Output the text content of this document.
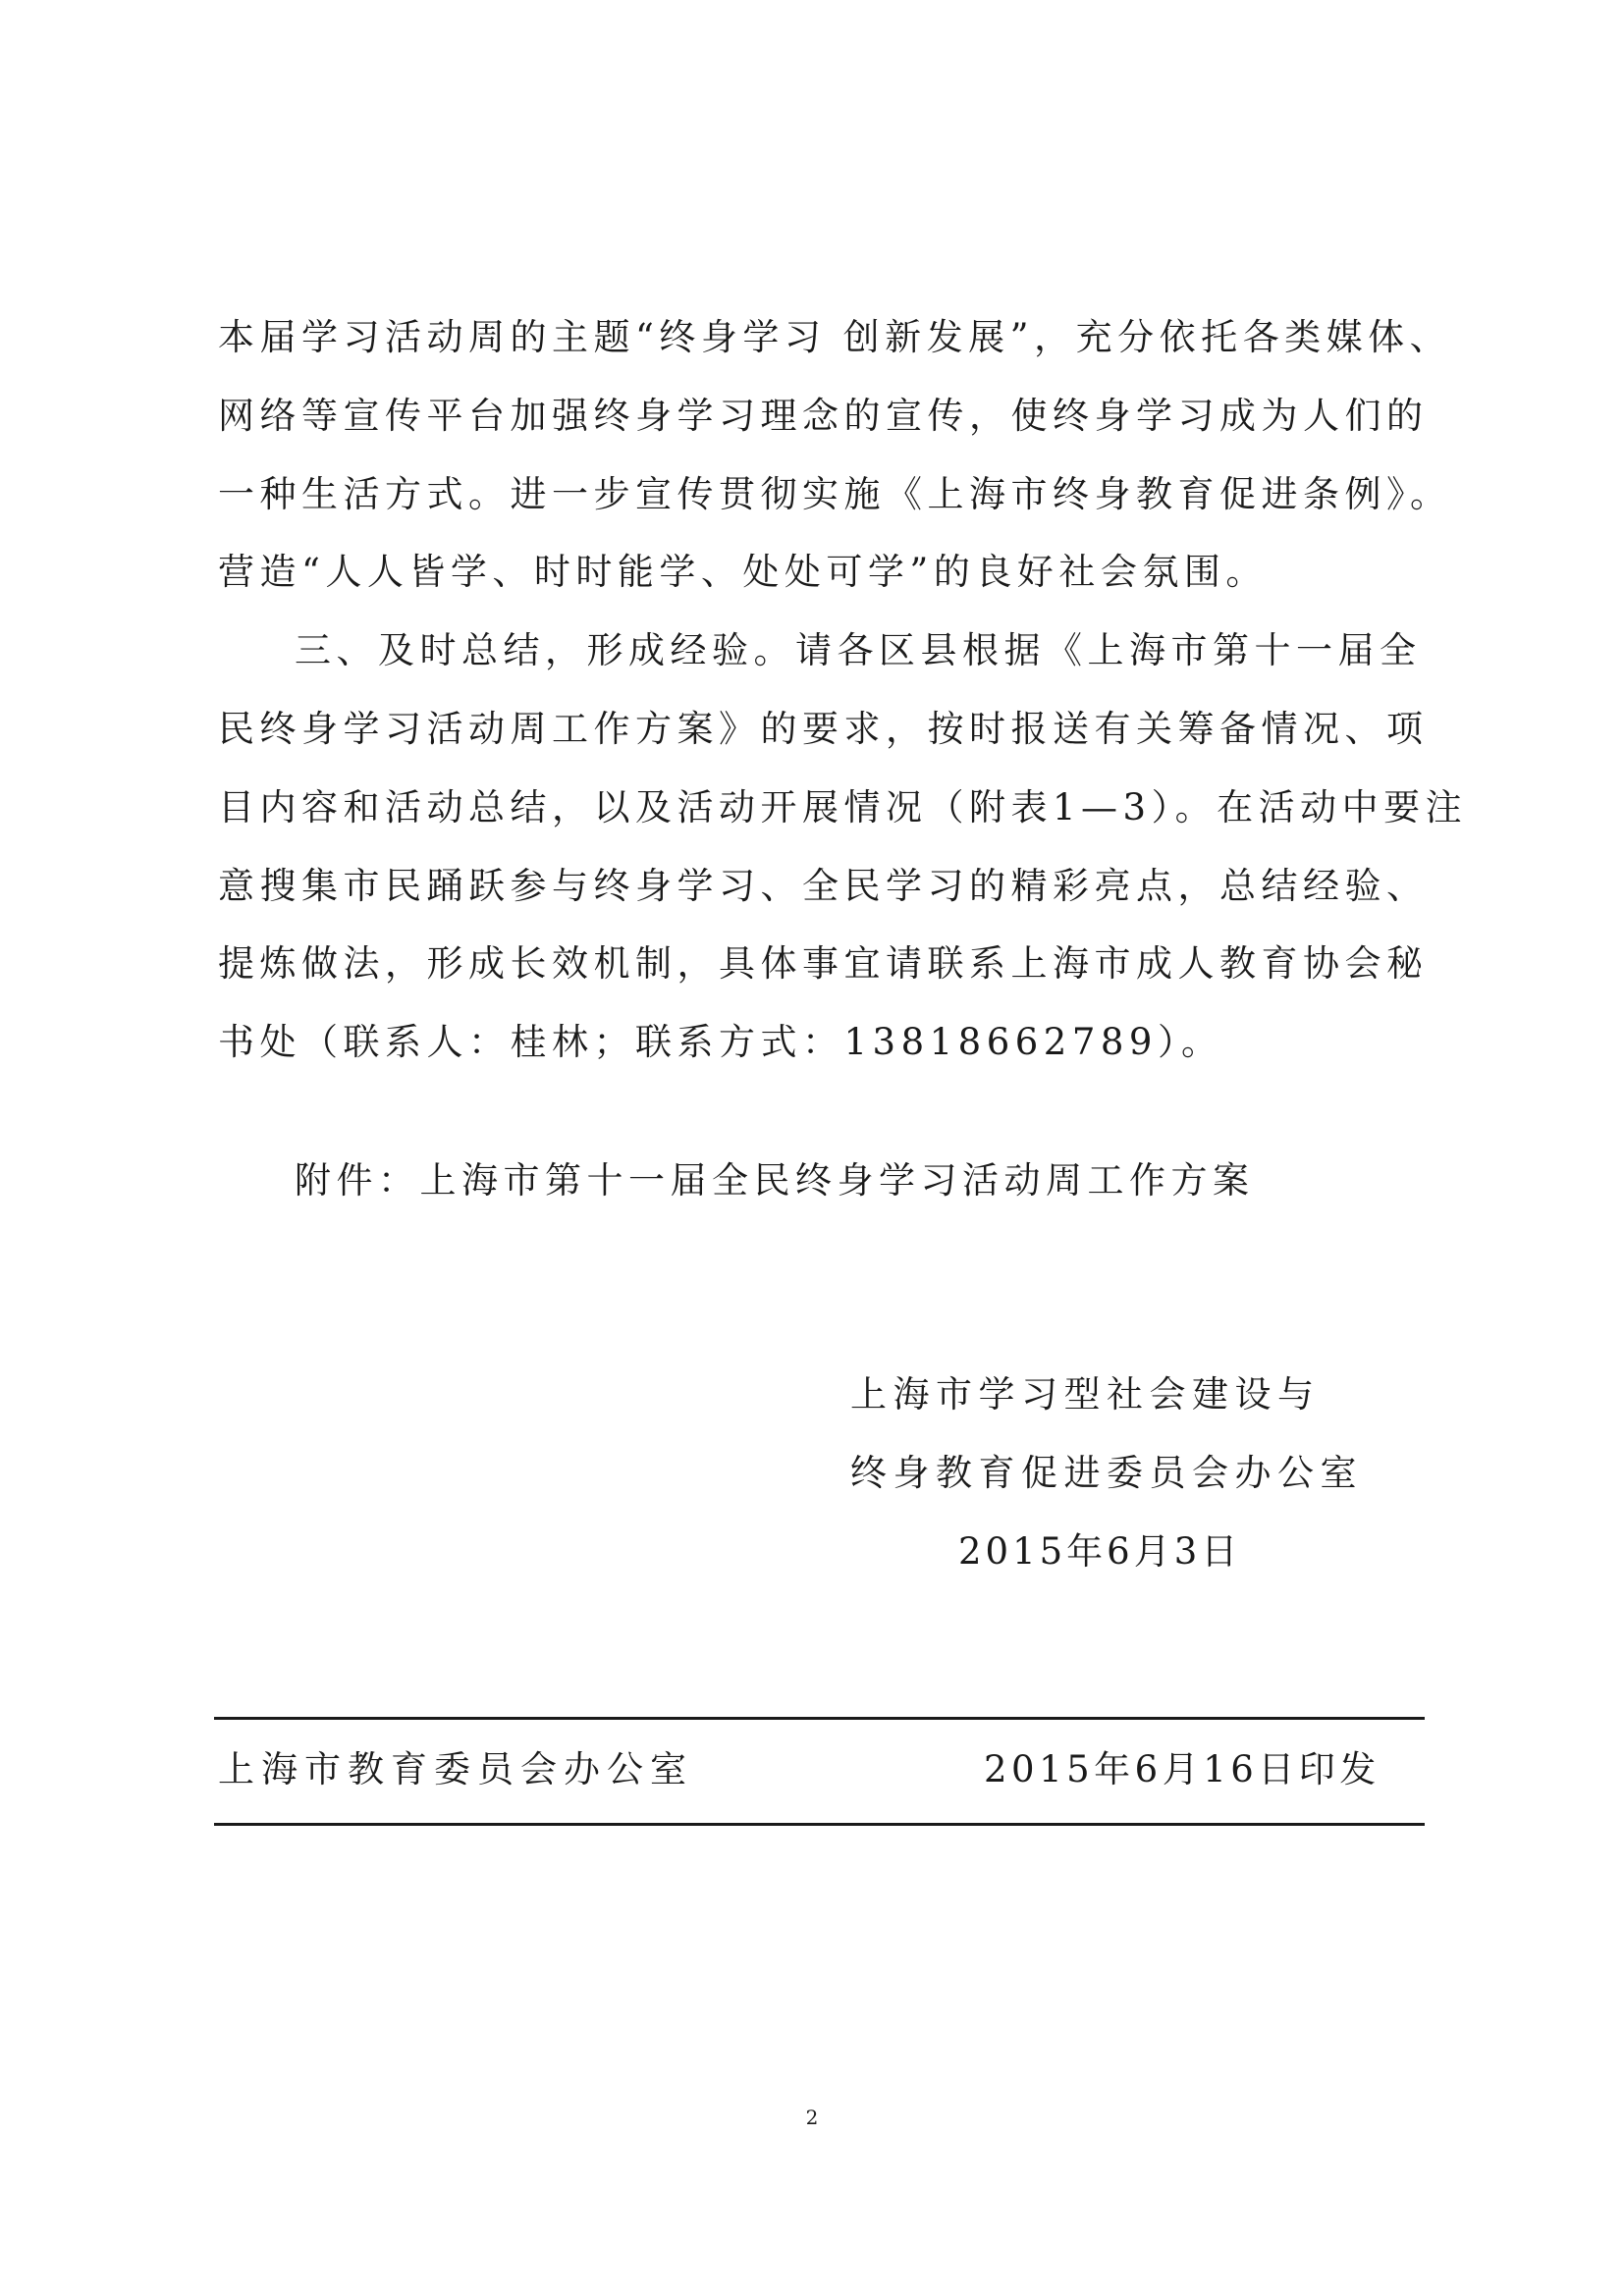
本届学习活动周的主题“终身学习 创新发展”，充分依托各类媒体、
网络等宣传平台加强终身学习理念的宣传，使终身学习成为人们的
一种生活方式。进一步宣传贯彻实施《上海市终身教育促进条例》。
营造“人人皆学、时时能学、处处可学”的良好社会氛围。
三、及时总结，形成经验。请各区县根据《上海市第十一届全
民终身学习活动周工作方案》的要求，按时报送有关筹备情况、项
目内容和活动总结，以及活动开展情况（附表1—3）。在活动中要注
意搜集市民踊跃参与终身学习、全民学习的精彩亮点，总结经验、
提炼做法，形成长效机制，具体事宜请联系上海市成人教育协会秘
书处（联系人：桂林；联系方式：13818662789）。
附件：上海市第十一届全民终身学习活动周工作方案
上海市学习型社会建设与
终身教育促进委员会办公室
2015年6月3日
上海市教育委员会办公室	2015年6月16日印发
2
